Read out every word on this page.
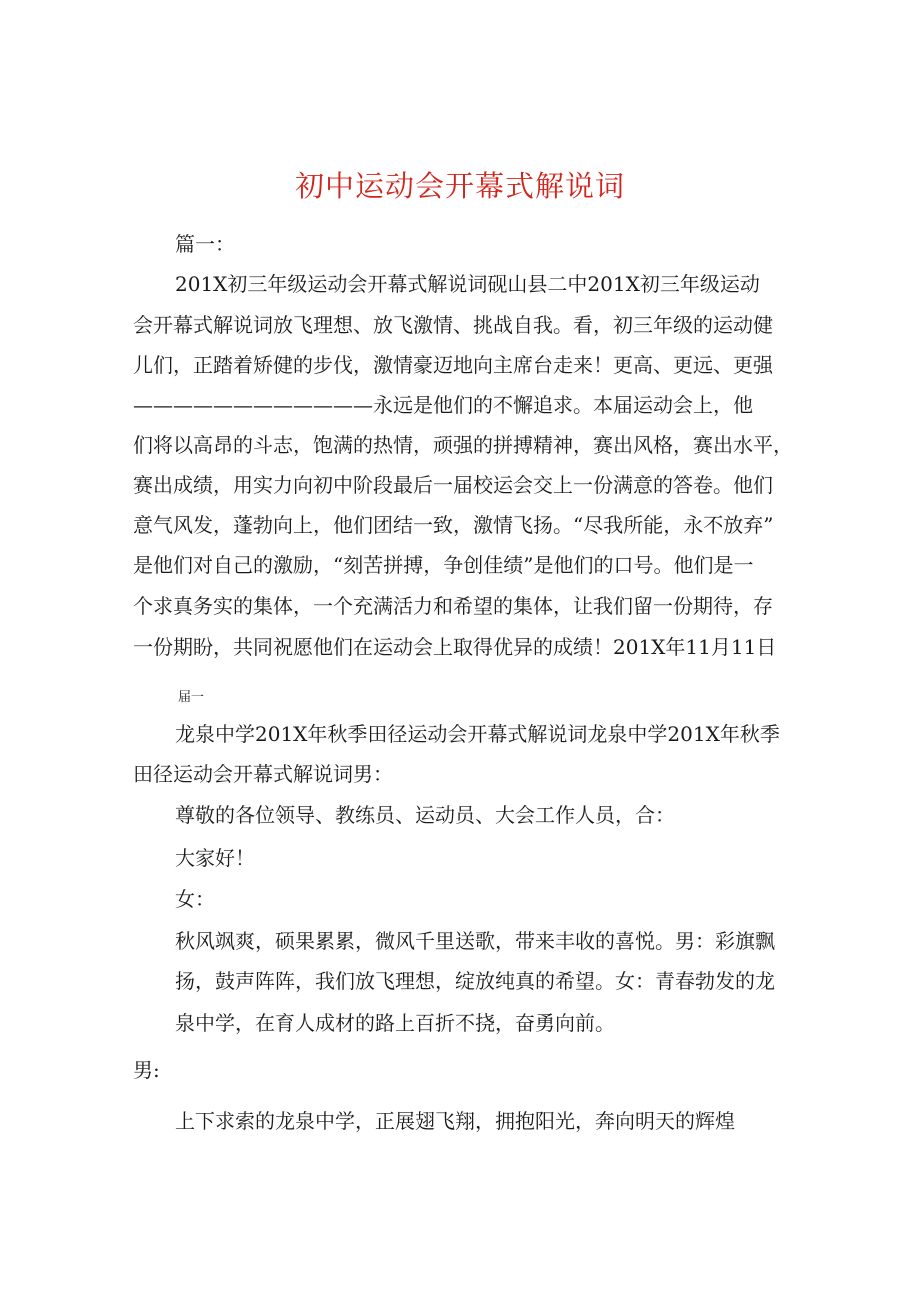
初中运动会开幕式解说词
篇一：
201X初三年级运动会开幕式解说词砚山县二中201X初三年级运动
会开幕式解说词放飞理想、放飞激情、挑战自我。看，初三年级的运动健
儿们，正踏着矫健的步伐，激情豪迈地向主席台走来！更高、更远、更强
————————————永远是他们的不懈追求。本届运动会上，他
们将以高昂的斗志，饱满的热情，顽强的拼搏精神，赛出风格，赛出水平，
赛出成绩，用实力向初中阶段最后一届校运会交上一份满意的答卷。他们
意气风发，蓬勃向上，他们团结一致，激情飞扬。“尽我所能，永不放弃”
是他们对自己的激励，“刻苦拼搏，争创佳绩”是他们的口号。他们是一
个求真务实的集体，一个充满活力和希望的集体，让我们留一份期待，存
一份期盼，共同祝愿他们在运动会上取得优异的成绩！201X年11月11日
届一
龙泉中学201X年秋季田径运动会开幕式解说词龙泉中学201X年秋季
田径运动会开幕式解说词男：
尊敬的各位领导、教练员、运动员、大会工作人员，合：
大家好！
女：
秋风飒爽，硕果累累，微风千里送歌，带来丰收的喜悦。男：彩旗飘
扬，鼓声阵阵，我们放飞理想，绽放纯真的希望。女：青春勃发的龙
泉中学，在育人成材的路上百折不挠，奋勇向前。
男:
上下求索的龙泉中学，正展翅飞翔，拥抱阳光，奔向明天的辉煌
